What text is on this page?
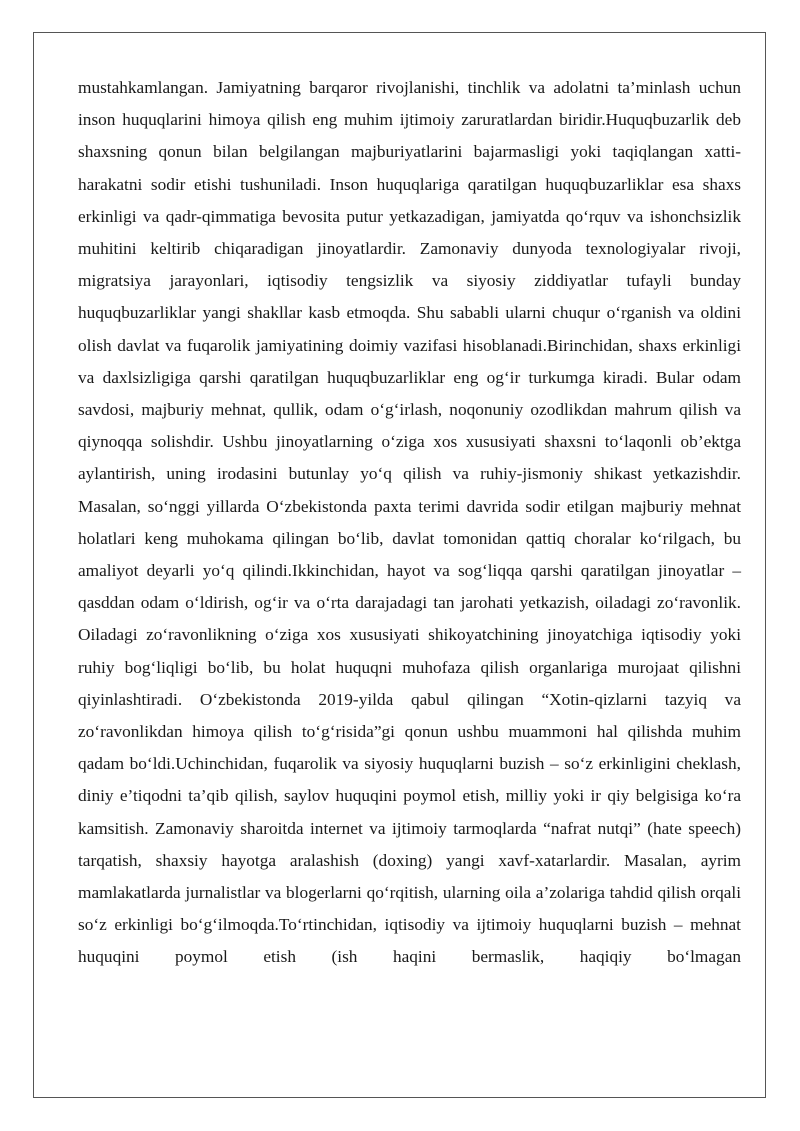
mustahkamlangan. Jamiyatning barqaror rivojlanishi, tinchlik va adolatni ta’minlash uchun inson huquqlarini himoya qilish eng muhim ijtimoiy zaruratlardan biridir.Huquqbuzarlik deb shaxsning qonun bilan belgilangan majburiyatlarini bajarmasligi yoki taqiqlangan xatti-harakatni sodir etishi tushuniladi. Inson huquqlariga qaratilgan huquqbuzarliklar esa shaxs erkinligi va qadr-qimmatiga bevosita putur yetkazadigan, jamiyatda qo‘rquv va ishonchsizlik muhitini keltirib chiqaradigan jinoyatlardir. Zamonaviy dunyoda texnologiyalar rivoji, migratsiya jarayonlari, iqtisodiy tengsizlik va siyosiy ziddiyatlar tufayli bunday huquqbuzarliklar yangi shakllar kasb etmoqda. Shu sababli ularni chuqur o‘rganish va oldini olish davlat va fuqarolik jamiyatining doimiy vazifasi hisoblanadi.Birinchidan, shaxs erkinligi va daxlsizligiga qarshi qaratilgan huquqbuzarliklar eng og‘ir turkumga kiradi. Bular odam savdosi, majburiy mehnat, qullik, odam o‘g‘irlash, noqonuniy ozodlikdan mahrum qilish va qiynoqqa solishdir. Ushbu jinoyatlarning o‘ziga xos xususiyati shaxsni to‘laqonli ob’ektga aylantirish, uning irodasini butunlay yo‘q qilish va ruhiy-jismoniy shikast yetkazishdir. Masalan, so‘nggi yillarda O‘zbekistonda paxta terimi davrida sodir etilgan majburiy mehnat holatlari keng muhokama qilingan bo‘lib, davlat tomonidan qattiq choralar ko‘rilgach, bu amaliyot deyarli yo‘q qilindi.Ikkinchidan, hayot va sog‘liqqa qarshi qaratilgan jinoyatlar – qasddan odam o‘ldirish, og‘ir va o‘rta darajadagi tan jarohati yetkazish, oiladagi zo‘ravonlik. Oiladagi zo‘ravonlikning o‘ziga xos xususiyati shikoyatchining jinoyatchiga iqtisodiy yoki ruhiy bog‘liqligi bo‘lib, bu holat huquqni muhofaza qilish organlariga murojaat qilishni qiyinlashtiradi. O‘zbekistonda 2019-yilda qabul qilingan “Xotin-qizlarni tazyiq va zo‘ravonlikdan himoya qilish to‘g‘risida”gi qonun ushbu muammoni hal qilishda muhim qadam bo‘ldi.Uchinchidan, fuqarolik va siyosiy huquqlarni buzish – so‘z erkinligini cheklash, diniy e’tiqodni ta’qib qilish, saylov huquqini poymol etish, milliy yoki ir qiy belgisiga ko‘ra kamsitish. Zamonaviy sharoitda internet va ijtimoiy tarmoqlarda “nafrat nutqi” (hate speech) tarqatish, shaxsiy hayotga aralashish (doxing) yangi xavf-xatarlardir. Masalan, ayrim mamlakatlarda jurnalistlar va blogerlarni qo‘rqitish, ularning oila a’zolariga tahdid qilish orqali so‘z erkinligi bo‘g‘ilmoqda.To‘rtinchidan, iqtisodiy va ijtimoiy huquqlarni buzish – mehnat huquqini poymol etish (ish haqini bermaslik, haqiqiy bo‘lmagan
